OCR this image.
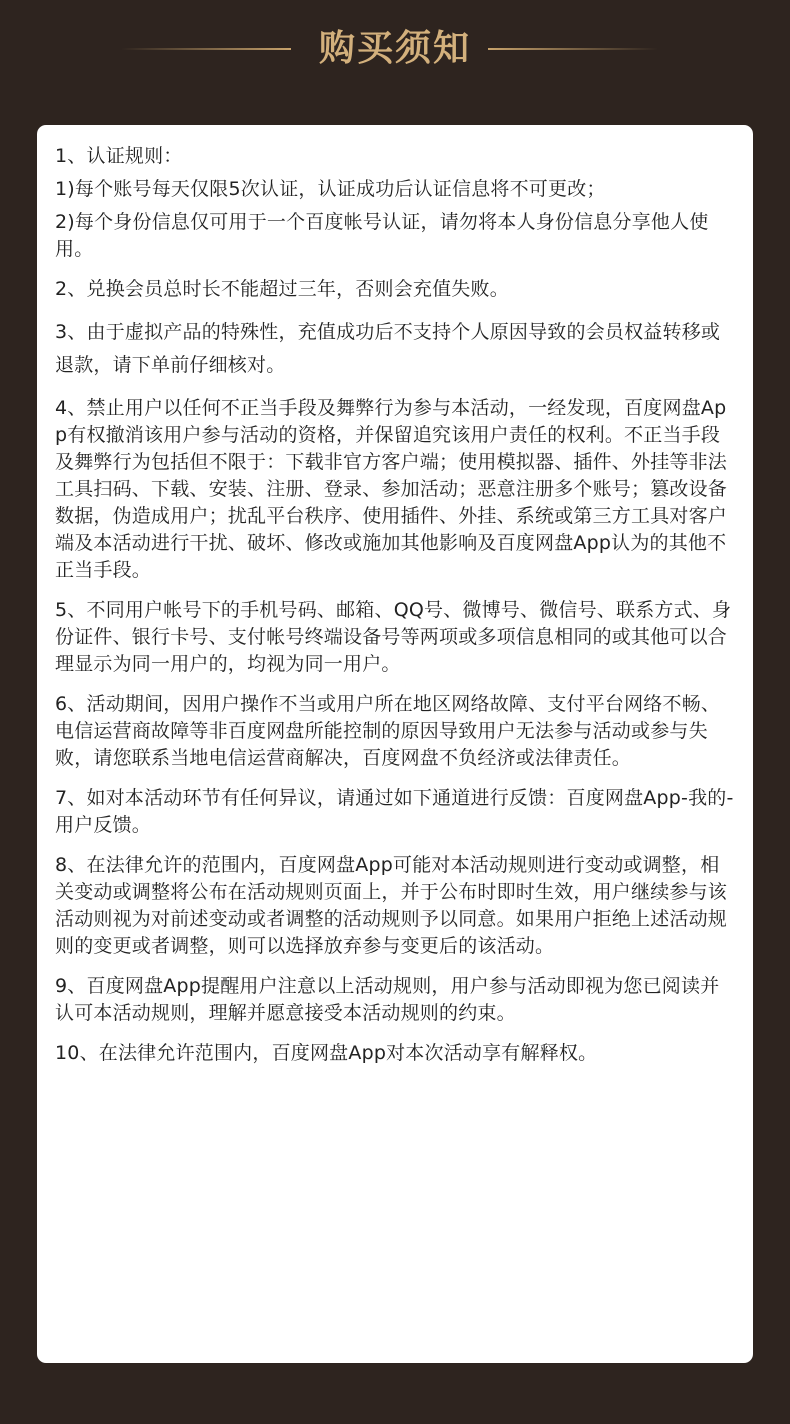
购买须知

1、认证规则：

1)每个账号每天仅限5次认证，认证成功后认证信息将不可更改；

2)每个身份信息仅可用于一个百度帐号认证，请勿将本人身份信息分享他人使用。

2、兑换会员总时长不能超过三年，否则会充值失败。

3、由于虚拟产品的特殊性，充值成功后不支持个人原因导致的会员权益转移或退款，请下单前仔细核对。

4、禁止用户以任何不正当手段及舞弊行为参与本活动，一经发现，百度网盘App有权撤消该用户参与活动的资格，并保留追究该用户责任的权利。不正当手段及舞弊行为包括但不限于：下载非官方客户端；使用模拟器、插件、外挂等非法工具扫码、下载、安装、注册、登录、参加活动；恶意注册多个账号；篡改设备数据，伪造成用户；扰乱平台秩序、使用插件、外挂、系统或第三方工具对客户端及本活动进行干扰、破坏、修改或施加其他影响及百度网盘App认为的其他不正当手段。

5、不同用户帐号下的手机号码、邮箱、QQ号、微博号、微信号、联系方式、身份证件、银行卡号、支付帐号终端设备号等两项或多项信息相同的或其他可以合理显示为同一用户的，均视为同一用户。

6、活动期间，因用户操作不当或用户所在地区网络故障、支付平台网络不畅、电信运营商故障等非百度网盘所能控制的原因导致用户无法参与活动或参与失败，请您联系当地电信运营商解决，百度网盘不负经济或法律责任。

7、如对本活动环节有任何异议，请通过如下通道进行反馈：百度网盘App-我的-用户反馈。

8、在法律允许的范围内，百度网盘App可能对本活动规则进行变动或调整，相关变动或调整将公布在活动规则页面上，并于公布时即时生效，用户继续参与该活动则视为对前述变动或者调整的活动规则予以同意。如果用户拒绝上述活动规则的变更或者调整，则可以选择放弃参与变更后的该活动。

9、百度网盘App提醒用户注意以上活动规则，用户参与活动即视为您已阅读并认可本活动规则，理解并愿意接受本活动规则的约束。

10、在法律允许范围内，百度网盘App对本次活动享有解释权。
